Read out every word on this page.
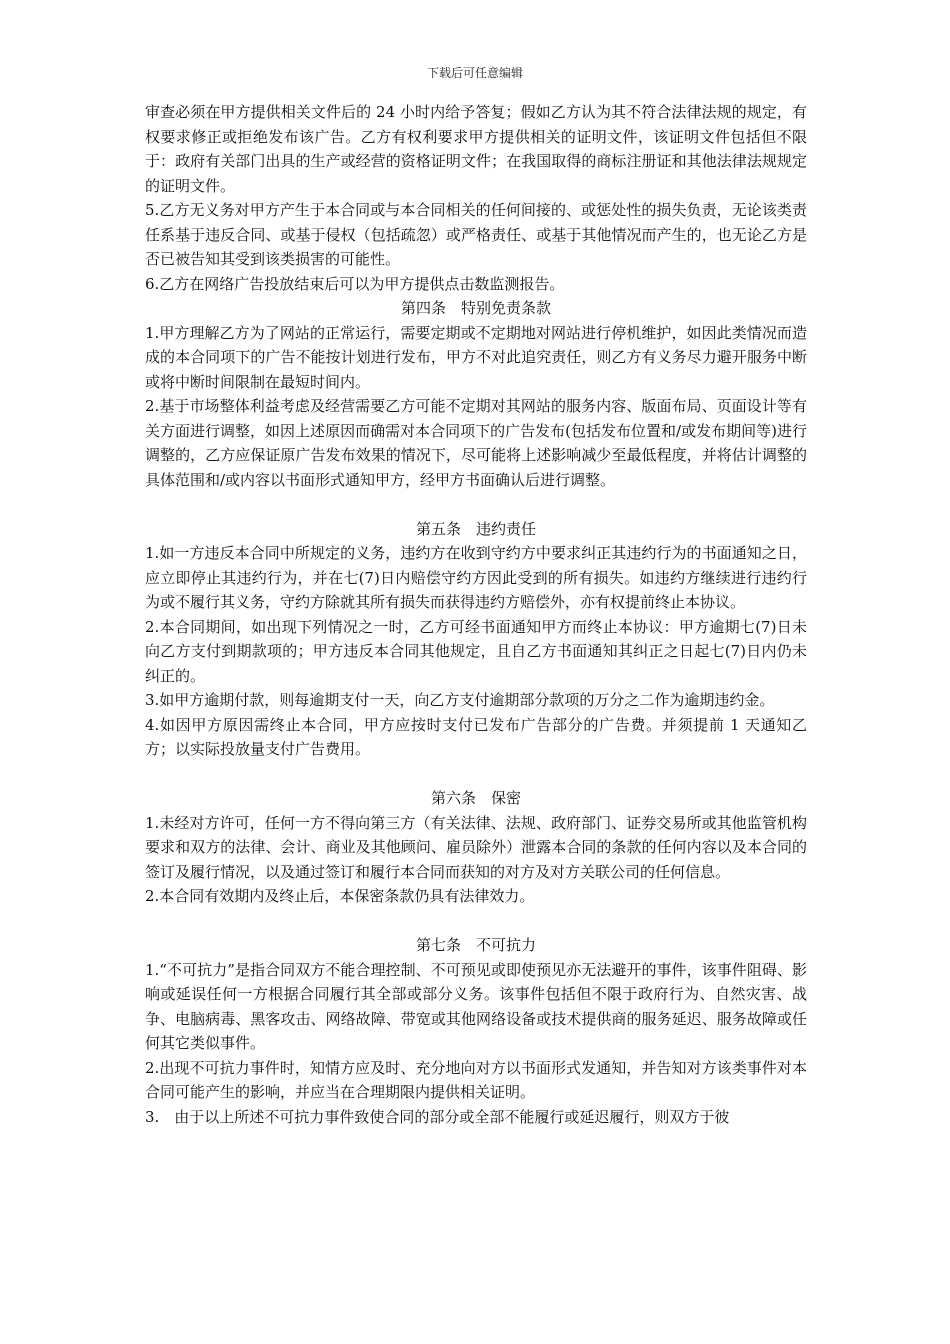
下载后可任意编辑

审查必须在甲方提供相关文件后的 24 小时内给予答复；假如乙方认为其不符合法律法规的规定，有权要求修正或拒绝发布该广告。乙方有权利要求甲方提供相关的证明文件，该证明文件包括但不限于：政府有关部门出具的生产或经营的资格证明文件；在我国取得的商标注册证和其他法律法规规定的证明文件。

5.乙方无义务对甲方产生于本合同或与本合同相关的任何间接的、或惩处性的损失负责，无论该类责任系基于违反合同、或基于侵权（包括疏忽）或严格责任、或基于其他情况而产生的，也无论乙方是否已被告知其受到该类损害的可能性。

6.乙方在网络广告投放结束后可以为甲方提供点击数监测报告。

第四条　特别免责条款

1.甲方理解乙方为了网站的正常运行，需要定期或不定期地对网站进行停机维护，如因此类情况而造成的本合同项下的广告不能按计划进行发布，甲方不对此追究责任，则乙方有义务尽力避开服务中断或将中断时间限制在最短时间内。

2.基于市场整体利益考虑及经营需要乙方可能不定期对其网站的服务内容、版面布局、页面设计等有关方面进行调整，如因上述原因而确需对本合同项下的广告发布(包括发布位置和/或发布期间等)进行调整的，乙方应保证原广告发布效果的情况下，尽可能将上述影响减少至最低程度，并将估计调整的具体范围和/或内容以书面形式通知甲方，经甲方书面确认后进行调整。

第五条　违约责任

1.如一方违反本合同中所规定的义务，违约方在收到守约方中要求纠正其违约行为的书面通知之日，应立即停止其违约行为，并在七(7)日内赔偿守约方因此受到的所有损失。如违约方继续进行违约行为或不履行其义务，守约方除就其所有损失而获得违约方赔偿外，亦有权提前终止本协议。

2.本合同期间，如出现下列情况之一时，乙方可经书面通知甲方而终止本协议：甲方逾期七(7)日未向乙方支付到期款项的；甲方违反本合同其他规定，且自乙方书面通知其纠正之日起七(7)日内仍未纠正的。

3.如甲方逾期付款，则每逾期支付一天，向乙方支付逾期部分款项的万分之二作为逾期违约金。

4.如因甲方原因需终止本合同，甲方应按时支付已发布广告部分的广告费。并须提前 1 天通知乙方；以实际投放量支付广告费用。

第六条　保密

1.未经对方许可，任何一方不得向第三方（有关法律、法规、政府部门、证券交易所或其他监管机构要求和双方的法律、会计、商业及其他顾问、雇员除外）泄露本合同的条款的任何内容以及本合同的签订及履行情况，以及通过签订和履行本合同而获知的对方及对方关联公司的任何信息。

2.本合同有效期内及终止后，本保密条款仍具有法律效力。

第七条　不可抗力

1.“不可抗力”是指合同双方不能合理控制、不可预见或即使预见亦无法避开的事件，该事件阻碍、影响或延误任何一方根据合同履行其全部或部分义务。该事件包括但不限于政府行为、自然灾害、战争、电脑病毒、黑客攻击、网络故障、带宽或其他网络设备或技术提供商的服务延迟、服务故障或任何其它类似事件。

2.出现不可抗力事件时，知情方应及时、充分地向对方以书面形式发通知，并告知对方该类事件对本合同可能产生的影响，并应当在合理期限内提供相关证明。

3.　由于以上所述不可抗力事件致使合同的部分或全部不能履行或延迟履行，则双方于彼
